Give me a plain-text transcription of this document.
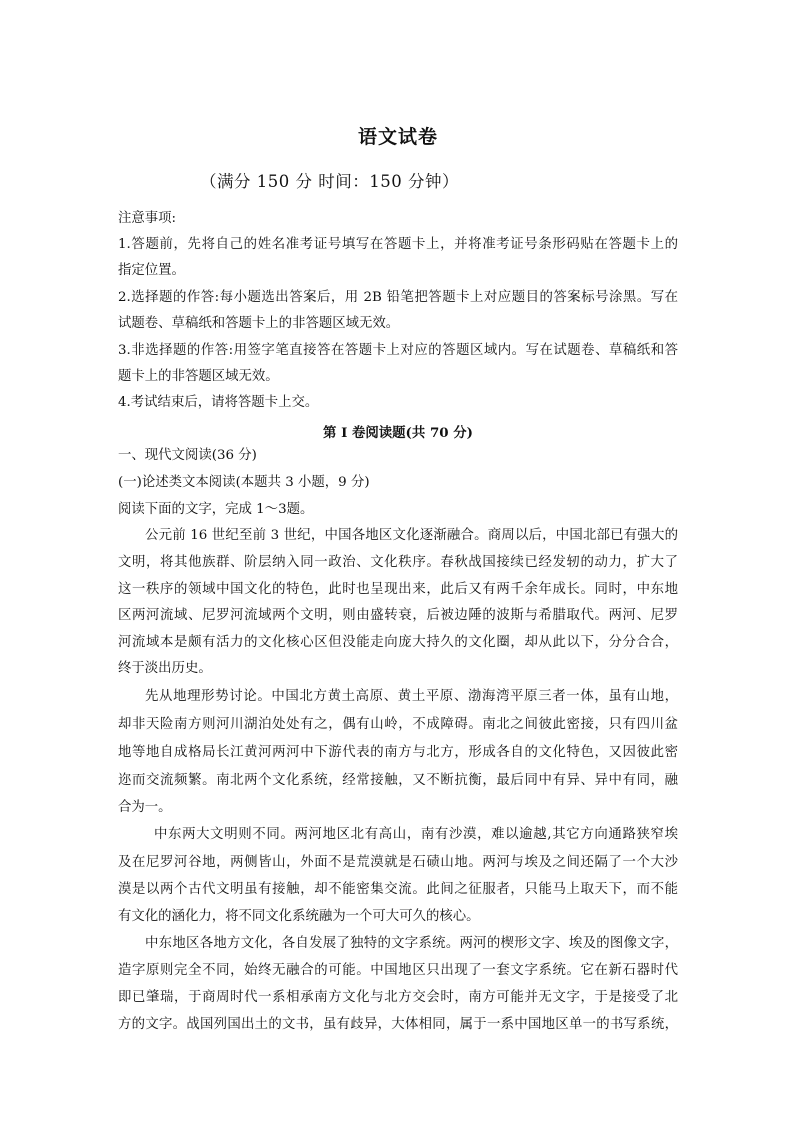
语文试卷
（满分 150 分 时间：150 分钟）
注意事项:
1.答题前，先将自己的姓名准考证号填写在答题卡上，并将准考证号条形码贴在答题卡上的
指定位置。
2.选择题的作答:每小题选出答案后，用 2B 铅笔把答题卡上对应题目的答案标号涂黑。写在
试题卷、草稿纸和答题卡上的非答题区域无效。
3.非选择题的作答:用签字笔直接答在答题卡上对应的答题区域内。写在试题卷、草稿纸和答
题卡上的非答题区域无效。
4.考试结束后，请将答题卡上交。
第 I 卷阅读题(共 70 分)
一、现代文阅读(36 分)
(一)论述类文本阅读(本题共 3 小题，9 分)
阅读下面的文字，完成 1～3题。
公元前 16 世纪至前 3 世纪，中国各地区文化逐渐融合。商周以后，中国北部已有强大的
文明，将其他族群、阶层纳入同一政治、文化秩序。春秋战国接续已经发轫的动力，扩大了
这一秩序的领域中国文化的特色，此时也呈现出来，此后又有两千余年成长。同时，中东地
区两河流域、尼罗河流域两个文明，则由盛转衰，后被边陲的波斯与希腊取代。两河、尼罗
河流域本是颇有活力的文化核心区但没能走向庞大持久的文化圈，却从此以下，分分合合，
终于淡出历史。
先从地理形势讨论。中国北方黄土高原、黄土平原、渤海湾平原三者一体，虽有山地，
却非天险南方则河川湖泊处处有之，偶有山岭，不成障碍。南北之间彼此密接，只有四川盆
地等地自成格局长江黄河两河中下游代表的南方与北方，形成各自的文化特色，又因彼此密
迩而交流频繁。南北两个文化系统，经常接触，又不断抗衡，最后同中有异、异中有同，融
合为一。
中东两大文明则不同。两河地区北有高山，南有沙漠，难以逾越,其它方向通路狭窄埃
及在尼罗河谷地，两侧皆山，外面不是荒漠就是石碛山地。两河与埃及之间还隔了一个大沙
漠是以两个古代文明虽有接触，却不能密集交流。此间之征服者，只能马上取天下，而不能
有文化的涵化力，将不同文化系统融为一个可大可久的核心。
中东地区各地方文化，各自发展了独特的文字系统。两河的楔形文字、埃及的图像文字，
造字原则完全不同，始终无融合的可能。中国地区只出现了一套文字系统。它在新石器时代
即已肇瑞，于商周时代一系相承南方文化与北方交会时，南方可能并无文字，于是接受了北
方的文字。战国列国出土的文书，虽有歧异，大体相同，属于一系中国地区单一的书写系统，
